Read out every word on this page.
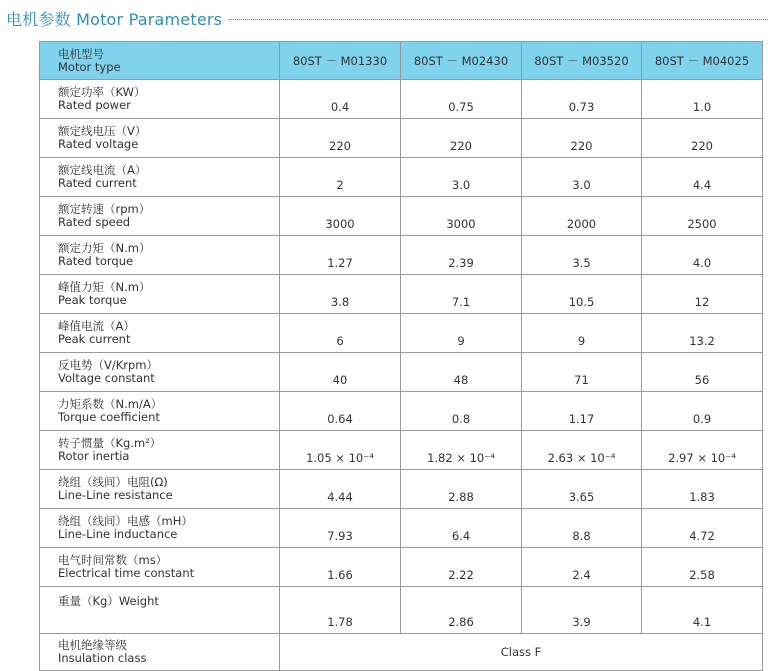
电机参数 Motor Parameters
电机型号
Motor type	80ST － M01330	80ST － M02430	80ST － M03520	80ST － M04025

额定功率（KW）
Rated power	0.4	0.75	0.73	1.0

额定线电压（V）
Rated voltage	220	220	220	220

额定线电流（A）
Rated current	2	3.0	3.0	4.4

额定转速（rpm）
Rated speed	3000	3000	2000	2500

额定力矩（N.m）
Rated torque	1.27	2.39	3.5	4.0

峰值力矩（N.m）
Peak torque	3.8	7.1	10.5	12

峰值电流（A）
Peak current	6	9	9	13.2

反电势（V/Krpm）
Voltage constant	40	48	71	56

力矩系数（N.m/A）
Torque coefficient	0.64	0.8	1.17	0.9

转子惯量（Kg.m²）
Rotor inertia	1.05 × 10⁻⁴	1.82 × 10⁻⁴	2.63 × 10⁻⁴	2.97 × 10⁻⁴

绕组（线间）电阻(Ω)
Line-Line resistance	4.44	2.88	3.65	1.83

绕组（线间）电感（mH）
Line-Line inductance	7.93	6.4	8.8	4.72

电气时间常数（ms）
Electrical time constant	1.66	2.22	2.4	2.58

重量（Kg）Weight	1.78	2.86	3.9	4.1

电机绝缘等级
Insulation class	Class F			
